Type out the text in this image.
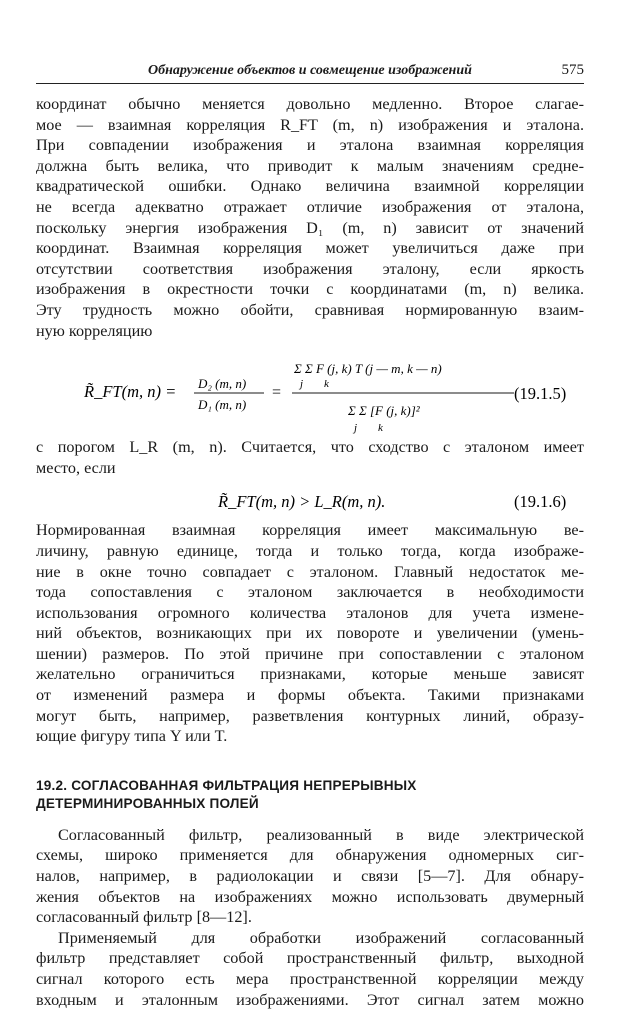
Обнаружение объектов и совмещение изображений	575

координат обычно меняется довольно медленно. Второе слагае-
мое — взаимная корреляция R_FT (m, n) изображения и эталона.
При совпадении изображения и эталона взаимная корреляция
должна быть велика, что приводит к малым значениям средне-
квадратической ошибки. Однако величина взаимной корреляции
не всегда адекватно отражает отличие изображения от эталона,
поскольку энергия изображения D₁ (m, n) зависит от значений
координат. Взаимная корреляция может увеличиться даже при
отсутствии соответствия изображения эталону, если яркость
изображения в окрестности точки с координатами (m, n) велика.
Эту трудность можно обойти, сравнивая нормированную взаим-
ную корреляцию

R̃_FT(m, n) = D₂ (m, n)
D₁ (m, n)
=
Σ Σ F (j, k) T (j — m, k — n)
j k
Σ Σ [F (j, k)]²
j k
(19.1.5)

с порогом L_R (m, n). Считается, что сходство с эталоном имеет
место, если

R̃_FT(m, n) > L_R(m, n).	(19.1.6)

Нормированная взаимная корреляция имеет максимальную ве-
личину, равную единице, тогда и только тогда, когда изображе-
ние в окне точно совпадает с эталоном. Главный недостаток ме-
тода сопоставления с эталоном заключается в необходимости
использования огромного количества эталонов для учета измене-
ний объектов, возникающих при их повороте и увеличении (умень-
шении) размеров. По этой причине при сопоставлении с эталоном
желательно ограничиться признаками, которые меньше зависят
от изменений размера и формы объекта. Такими признаками
могут быть, например, разветвления контурных линий, образу-
ющие фигуру типа Y или T.

19.2. СОГЛАСОВАННАЯ ФИЛЬТРАЦИЯ НЕПРЕРЫВНЫХ
ДЕТЕРМИНИРОВАННЫХ ПОЛЕЙ

Согласованный фильтр, реализованный в виде электрической
схемы, широко применяется для обнаружения одномерных сиг-
налов, например, в радиолокации и связи [5—7]. Для обнару-
жения объектов на изображениях можно использовать двумерный
согласованный фильтр [8—12].

Применяемый для обработки изображений согласованный
фильтр представляет собой пространственный фильтр, выходной
сигнал которого есть мера пространственной корреляции между
входным и эталонным изображениями. Этот сигнал затем можно
